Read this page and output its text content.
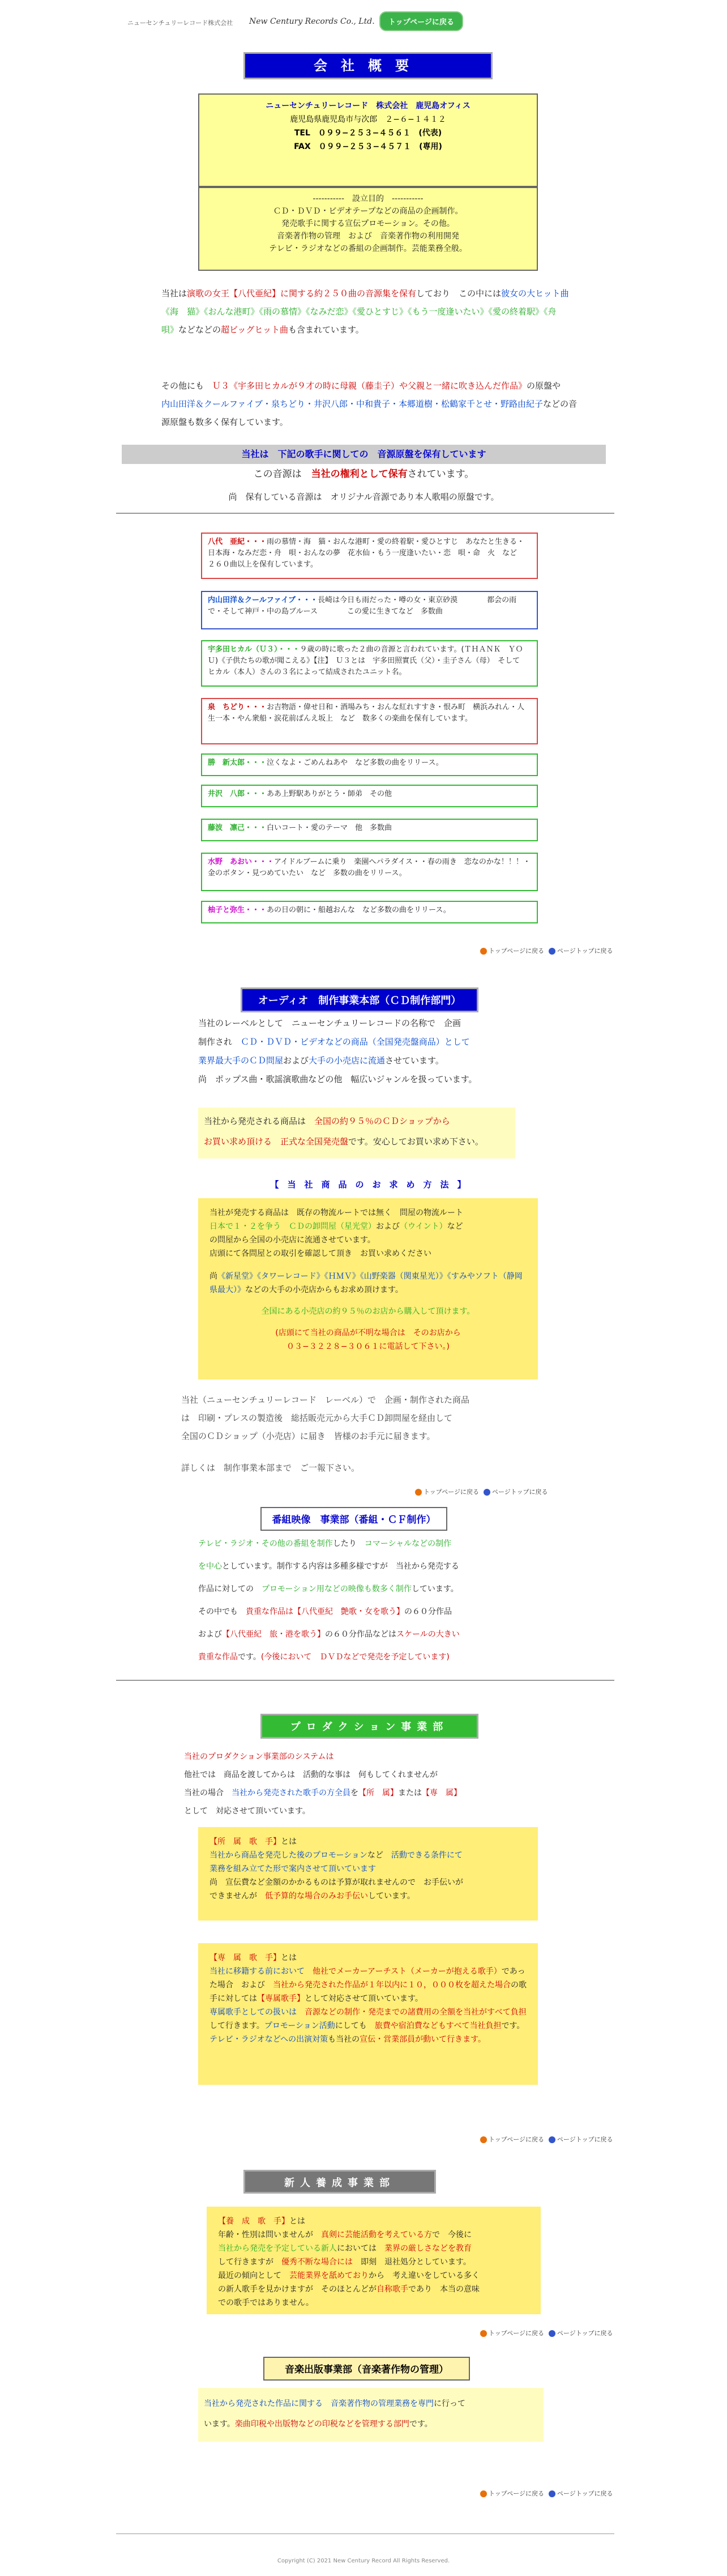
ニューセンチュリーレコード株式会社 New Century Records Co., Ltd.	トップページに戻る
会社概要
ニューセンチュリーレコード　株式会社　鹿児島オフィス
鹿児島県鹿児島市与次郎　２−６−１４１２
TEL　０９９−２５３−４５６１　(代表)
FAX　０９９−２５３−４５７１　(専用)
-----------　設立目的　-----------
ＣＤ・ＤＶＤ・ビデオテープなどの商品の企画制作。
発売歌手に関する宣伝プロモーション。その他。
音楽著作物の管理　および　音楽著作物の利用開発
テレビ・ラジオなどの番組の企画制作。芸能業務全般。
当社は演歌の女王【八代亜紀】に関する約２５０曲の音源集を保有しており　この中には彼女の大ヒット曲《海　猫》《おんな港町》《雨の慕情》《なみだ恋》《愛ひとすじ》《もう一度逢いたい》《愛の終着駅》《舟　唄》などなどの超ビッグヒット曲も含まれています。
その他にも　Ｕ３《宇多田ヒカルが９才の時に母親（藤圭子）や父親と一緒に吹き込んだ作品》の原盤や　内山田洋＆クールファイブ・泉ちどり・井沢八郎・中和貴子・本郷道樹・松鶴家千とせ・野路由紀子などの音源原盤も数多く保有しています。
当社は　下記の歌手に関しての　音源原盤を保有しています
この音源は　当社の権利として保有されています。
尚　保有している音源は　オリジナル音源であり本人歌唱の原盤です。
八代　亜紀・・・雨の慕情・海　猫・おんな港町・愛の終着駅・愛ひとすじ　あなたと生きる・日本海・なみだ恋・舟　唄・おんなの夢　花水仙・もう一度逢いたい・恋　唄・命　火　など　２６０曲以上を保有しています。
内山田洋＆クールファイブ・・・長崎は今日も雨だった・噂の女・東京砂漠　　　　都会の雨で・そして神戸・中の島ブルース　　　　この愛に生きてなど　多数曲
宇多田ヒカル（Ｕ３）・・・９歳の時に歌った２曲の音源と言われています。(ＴＨＡＮＫ　ＹＯＵ)《子供たちの歌が聞こえる》【注】　Ｕ３とは　宇多田照實氏（父）・圭子さん（母）　そして　ヒカル（本人）さんの３名によって結成されたユニット名。
泉　ちどり・・・お吉物語・偉せ日和・酒場みち・おんな紅れすすき・恨み町　横浜みれん・人生一本・やん衆船・涙花前ばんえ坂上　など　数多くの楽曲を保有しています。
勝　新太郎・・・泣くなよ・ごめんねあや　など多数の曲をリリース。
井沢　八郎・・・ああ上野駅ありがとう・師弟　その他
藤波　凛己・・・白いコート・愛のテーマ　他　多数曲
水野　あおい・・・アイドルブームに乗り　楽園へパラダイス・・春の雨き　恋なのかな！！！・金のボタン・見つめていたい　など　多数の曲をリリース。
柚子と弥生・・・あの日の朝に・船越おんな　など多数の曲をリリース。
トップページに戻る ページトップに戻る
オーディオ　制作事業本部（ＣＤ制作部門）
当社のレーベルとして　ニューセンチュリーレコードの名称で　企画
制作され　ＣＤ・ＤＶＤ・ビデオなどの商品（全国発売盤商品）として
業界最大手のＣＤ問屋および大手の小売店に流通させています。
尚　ポップス曲・歌謡演歌曲などの他　幅広いジャンルを扱っています。
当社から発売される商品は　全国の約９５％のＣＤショップから
お買い求め頂ける　正式な全国発売盤です。安心してお買い求め下さい。
【　当　社　商　品　の　お　求　め　方　法　】
当社が発売する商品は　既存の物流ルートでは無く　問屋の物流ルート
日本で１・２を争う　ＣＤの卸問屋（星光堂）および（ウイント）など
の問屋から全国の小売店に流通させています。
店頭にて各問屋との取引を確認して頂き　お買い求めください
尚《新星堂》《タワーレコード》《ＨＭＶ》《山野楽器（関東星光）》《すみやソフト（静岡県最大）》などの大手の小売店からもお求め頂けます。
全国にある小売店の約９５％のお店から購入して頂けます。
(店頭にて当社の商品が不明な場合は　そのお店から
０３−３２２８−３０６１に電話して下さい。)
当社（ニューセンチュリーレコード　レーベル）で　企画・制作された商品
は　印刷・プレスの製造後　総括販売元から大手ＣＤ卸問屋を経由して
全国のＣＤショップ（小売店）に届き　皆様のお手元に届きます。
詳しくは　制作事業本部まで　ご一報下さい。
トップページに戻る ページトップに戻る
番組映像　事業部（番組・ＣＦ制作）
テレビ・ラジオ・その他の番組を制作したり　コマーシャルなどの制作
を中心としています。制作する内容は多種多様ですが　当社から発売する
作品に対しての　プロモーション用などの映像も数多く制作しています。
その中でも　貴重な作品は【八代亜紀　艶歌・女を歌う】の６０分作品
および【八代亜紀　旅・港を歌う】の６０分作品などはスケールの大きい
貴重な作品です。(今後において　ＤＶＤなどで発売を予定しています)
プロダクション事業部
当社のプロダクション事業部のシステムは
他社では　商品を渡してからは　活動的な事は　何もしてくれませんが
当社の場合　当社から発売された歌手の方全員を【所　属】または【専　属】
として　対応させて頂いています。
【所　属　歌　手】とは
当社から商品を発売した後のプロモーションなど　活動できる条件にて
業務を組み立てた形で案内させて頂いています
尚　宣伝費など金額のかかるものは予算が取れませんので　お手伝いが
できませんが　低予算的な場合のみお手伝いしています。
【専　属　歌　手】とは
当社に移籍する前において　他社でメーカーアーチスト（メーカーが抱える歌手）であった場合　および　当社から発売された作品が１年以内に１０，０００枚を超えた場合の歌手に対しては【専属歌手】として対応させて頂いています。
専属歌手としての扱いは　音源などの制作・発売までの諸費用の全額を当社がすべて負担して行きます。プロモーション活動にしても　旅費や宿泊費などもすべて当社負担です。テレビ・ラジオなどへの出演対策も当社の宣伝・営業部員が動いて行きます。
トップページに戻る ページトップに戻る
新人養成事業部
【養　成　歌　手】とは
年齢・性別は問いませんが　真剣に芸能活動を考えている方で　今後に
当社から発売を予定している新人においては　業界の厳しさなどを教育
して行きますが　優秀不断な場合には　即刻　退社処分としています。
最近の傾向として　芸能業界を舐めておりから　考え違いをしている多く
の新人歌手を見かけますが　そのほとんどが自称歌手であり　本当の意味
での歌手ではありません。
トップページに戻る ページトップに戻る
音楽出版事業部（音楽著作物の管理）
当社から発売された作品に関する　音楽著作物の管理業務を専門に行って
います。楽曲印税や出版物などの印税などを管理する部門です。
トップページに戻る ページトップに戻る
Copyright (C) 2021 New Century Record All Rights Reserved.
